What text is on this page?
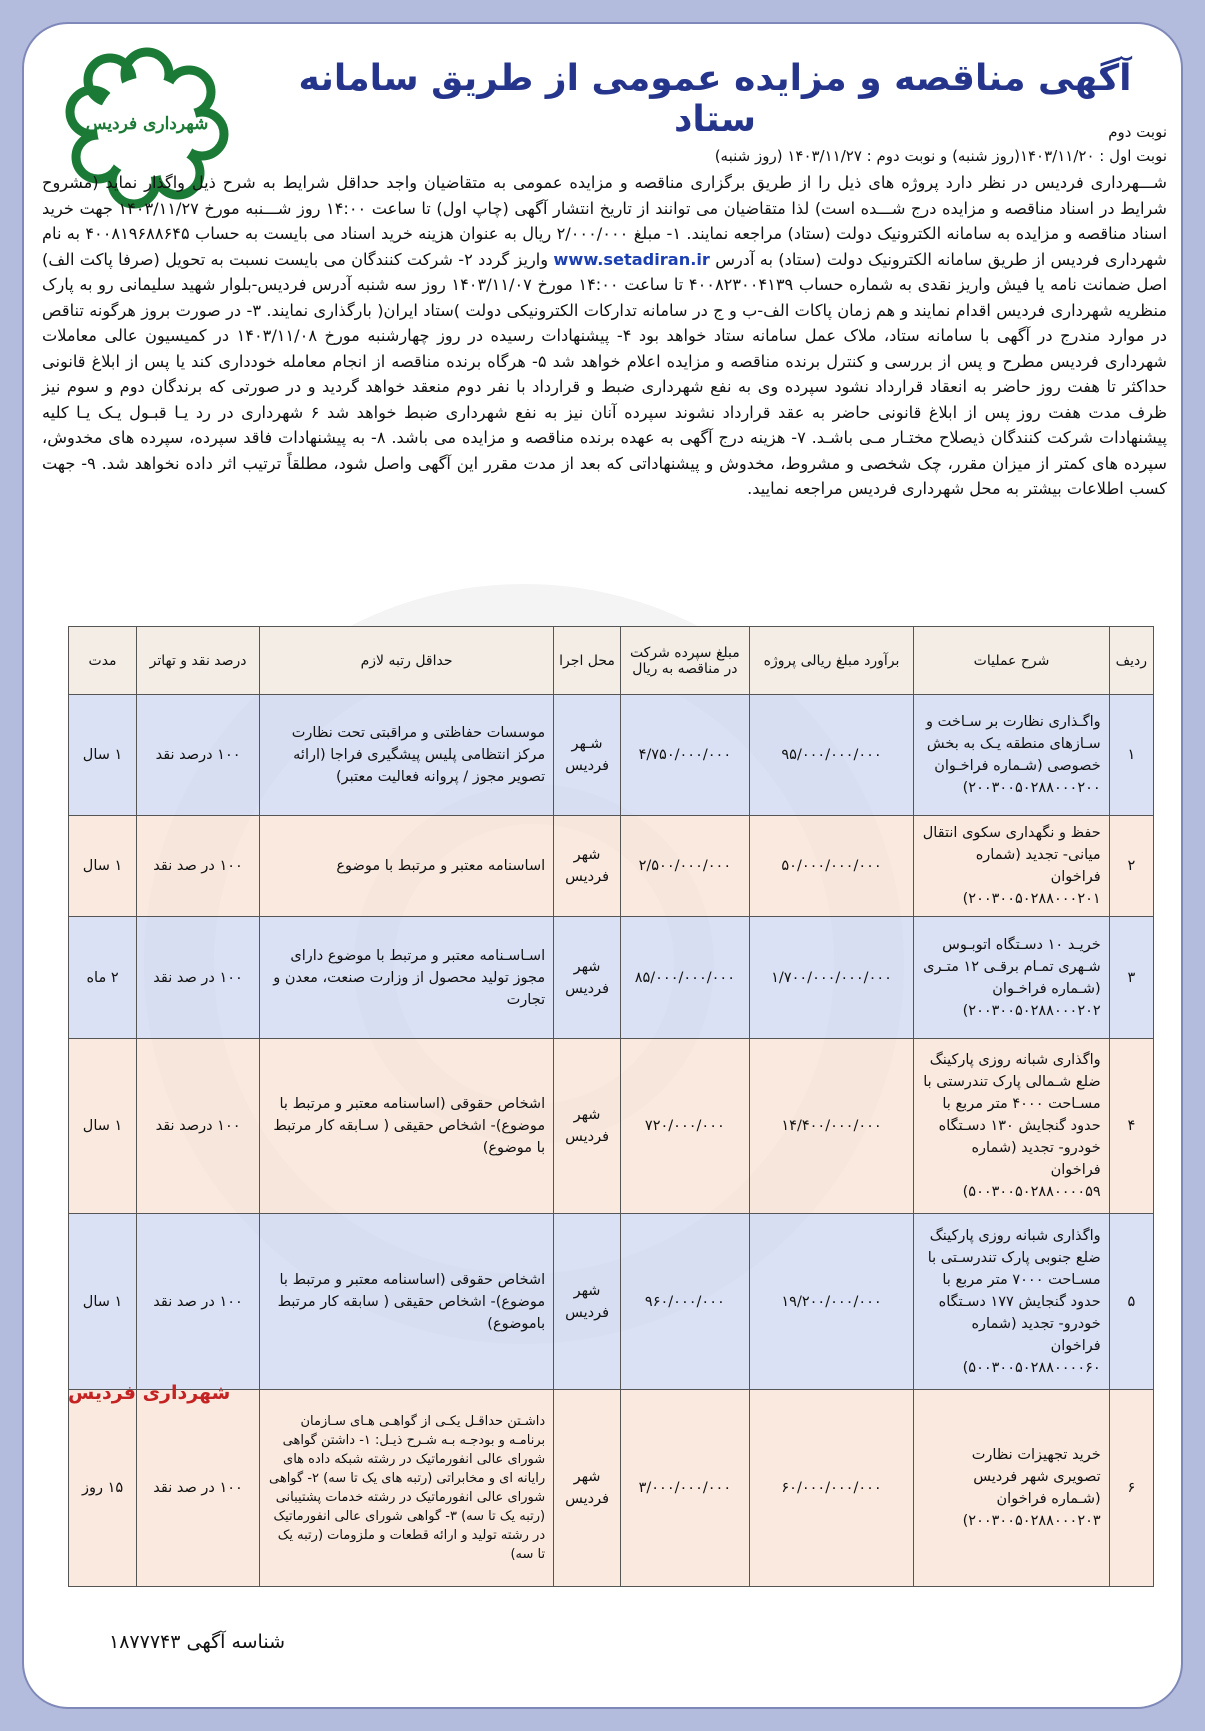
شهرداری فردیس
آگهی مناقصه و مزایده عمومی از طریق سامانه ستاد	نوبت دوم
نوبت اول : ۱۴۰۳/۱۱/۲۰(روز شنبه) و نوبت دوم : ۱۴۰۳/۱۱/۲۷ (روز شنبه)
شـــهرداری فردیس در نظر دارد پروژه های ذیل را از طریق برگزاری مناقصه و مزایده عمومی به متقاضیان واجد حداقل شرایط به شرح ذیل واگذار نماید (مشروح شرایط در اسناد مناقصه و مزایده درج شـــده است) لذا متقاضیان می توانند از تاریخ انتشار آگهی (چاپ اول) تا ساعت ۱۴:۰۰ روز شـــنبه مورخ ۱۴۰۳/۱۱/۲۷ جهت خرید اسناد مناقصه و مزایده به سامانه الکترونیک دولت (ستاد) مراجعه نمایند. ۱- مبلغ ۲/۰۰۰/۰۰۰ ریال به عنوان هزینه خرید اسناد می بایست به حساب ۴۰۰۸۱۹۶۸۸۶۴۵ به نام شهرداری فردیس از طریق سامانه الکترونیک دولت (ستاد) به آدرس www.setadiran.ir واریز گردد ۲- شرکت کنندگان می بایست نسبت به تحویل (صرفا پاکت الف) اصل ضمانت نامه یا فیش واریز نقدی به شماره حساب ۴۰۰۸۲۳۰۰۴۱۳۹ تا ساعت ۱۴:۰۰ مورخ ۱۴۰۳/۱۱/۰۷ روز سه شنبه آدرس فردیس-بلوار شهید سلیمانی رو به پارک منظریه شهرداری فردیس اقدام نمایند و هم زمان پاکات الف-ب و ج در سامانه تدارکات الکترونیکی دولت )ستاد ایران( بارگذاری نمایند. ۳- در صورت بروز هرگونه تناقص در موارد مندرج در آگهی با سامانه ستاد، ملاک عمل سامانه ستاد خواهد بود ۴- پیشنهادات رسیده در روز چهارشنبه مورخ ۱۴۰۳/۱۱/۰۸ در کمیسیون عالی معاملات شهرداری فردیس مطرح و پس از بررسی و کنترل برنده مناقصه و مزایده اعلام خواهد شد ۵- هرگاه برنده مناقصه از انجام معامله خودداری کند یا پس از ابلاغ قانونی حداکثر تا هفت روز حاضر به انعقاد قرارداد نشود سپرده وی به نفع شهرداری ضبط و قرارداد با نفر دوم منعقد خواهد گردید و در صورتی که برندگان دوم و سوم نیز ظرف مدت هفت روز پس از ابلاغ قانونی حاضر به عقد قرارداد نشوند سپرده آنان نیز به نفع شهرداری ضبط خواهد شد ۶ شهرداری در رد یـا قبـول یـک یـا کلیه پیشنهادات شرکت کنندگان ذیصلاح مختـار مـی باشـد. ۷- هزینه درج آگهی به عهده برنده مناقصه و مزایده می باشد. ۸- به پیشنهادات فاقد سپرده، سپرده های مخدوش، سپرده های کمتر از میزان مقرر، چک شخصی و مشروط، مخدوش و پیشنهاداتی که بعد از مدت مقرر این آگهی واصل شود، مطلقاً ترتیب اثر داده نخواهد شد. ۹- جهت کسب اطلاعات بیشتر به محل شهرداری فردیس مراجعه نمایید.
ردیف	شرح عملیات	برآورد مبلغ ریالی پروژه	مبلغ سپرده شرکت در مناقصه به ریال	محل اجرا	حداقل رتبه لازم	درصد نقد و تهاتر	مدت
۱	واگـذاری نظارت بر سـاخت و سـازهای منطقه یـک به بخش خصوصی (شـماره فراخـوان ۲۰۰۳۰۰۵۰۲۸۸۰۰۰۲۰۰)	۹۵/۰۰۰/۰۰۰/۰۰۰	۴/۷۵۰/۰۰۰/۰۰۰	شـهر فردیس	موسسات حفاظتی و مراقبتی تحت نظارت مرکز انتظامی پلیس پیشگیری فراجا (ارائه تصویر مجوز / پروانه فعالیت معتبر)	۱۰۰ درصد نقد	۱ سال
۲	حفظ و نگهداری سکوی انتقال میانی- تجدید (شماره فراخوان ۲۰۰۳۰۰۵۰۲۸۸۰۰۰۲۰۱)	۵۰/۰۰۰/۰۰۰/۰۰۰	۲/۵۰۰/۰۰۰/۰۰۰	شهر فردیس	اساسنامه معتبر و مرتبط با موضوع	۱۰۰ در صد نقد	۱ سال
۳	خریـد ۱۰ دسـتگاه اتوبـوس شـهری تمـام برقـی ۱۲ متـری (شـماره فراخـوان ۲۰۰۳۰۰۵۰۲۸۸۰۰۰۲۰۲)	۱/۷۰۰/۰۰۰/۰۰۰/۰۰۰	۸۵/۰۰۰/۰۰۰/۰۰۰	شهر فردیس	اسـاسـنامه معتبر و مرتبط با موضوع دارای مجوز تولید محصول از وزارت صنعت، معدن و تجارت	۱۰۰ در صد نقد	۲ ماه
۴	واگذاری شبانه روزی پارکینگ ضلع شـمالی پارک تندرستی با مسـاحت ۴۰۰۰ متر مربع با حدود گنجایش ۱۳۰ دسـتگاه خودرو- تجدید (شماره فراخوان ۵۰۰۳۰۰۵۰۲۸۸۰۰۰۰۵۹)	۱۴/۴۰۰/۰۰۰/۰۰۰	۷۲۰/۰۰۰/۰۰۰	شهر فردیس	اشخاص حقوقی (اساسنامه معتبر و مرتبط با موضوع)- اشخاص حقیقی ( سـابقه کار مرتبط با موضوع)	۱۰۰ درصد نقد	۱ سال
۵	واگذاری شبانه روزی پارکینگ ضلع جنوبی پارک تندرسـتی با مسـاحت ۷۰۰۰ متر مربع با حدود گنجایش ۱۷۷ دسـتگاه خودرو- تجدید (شماره فراخوان ۵۰۰۳۰۰۵۰۲۸۸۰۰۰۰۶۰)	۱۹/۲۰۰/۰۰۰/۰۰۰	۹۶۰/۰۰۰/۰۰۰	شهر فردیس	اشخاص حقوقی (اساسنامه معتبر و مرتبط با موضوع)- اشخاص حقیقی ( سابقه کار مرتبط باموضوع)	۱۰۰ در صد نقد	۱ سال
۶	خرید تجهیزات نظارت تصویری شهر فردیس (شـماره فراخوان ۲۰۰۳۰۰۵۰۲۸۸۰۰۰۲۰۳)	۶۰/۰۰۰/۰۰۰/۰۰۰	۳/۰۰۰/۰۰۰/۰۰۰	شهر فردیس	داشـتن حداقـل یکـی از گواهـی هـای سـازمان برنامـه و بودجـه بـه شـرح ذیـل: ۱- داشتن گواهی شورای عالی انفورماتیک در رشته شبکه داده های رایانه ای و مخابراتی (رتبه های یک تا سه) ۲- گواهی شورای عالی انفورماتیک در رشته خدمات پشتیبانی (رتبه یک تا سه) ۳- گواهی شورای عالی انفورماتیک در رشته تولید و ارائه قطعات و ملزومات (رتبه یک تا سه)	۱۰۰ در صد نقد	۱۵ روز
شهرداری فردیس
شناسه آگهی ۱۸۷۷۷۴۳
